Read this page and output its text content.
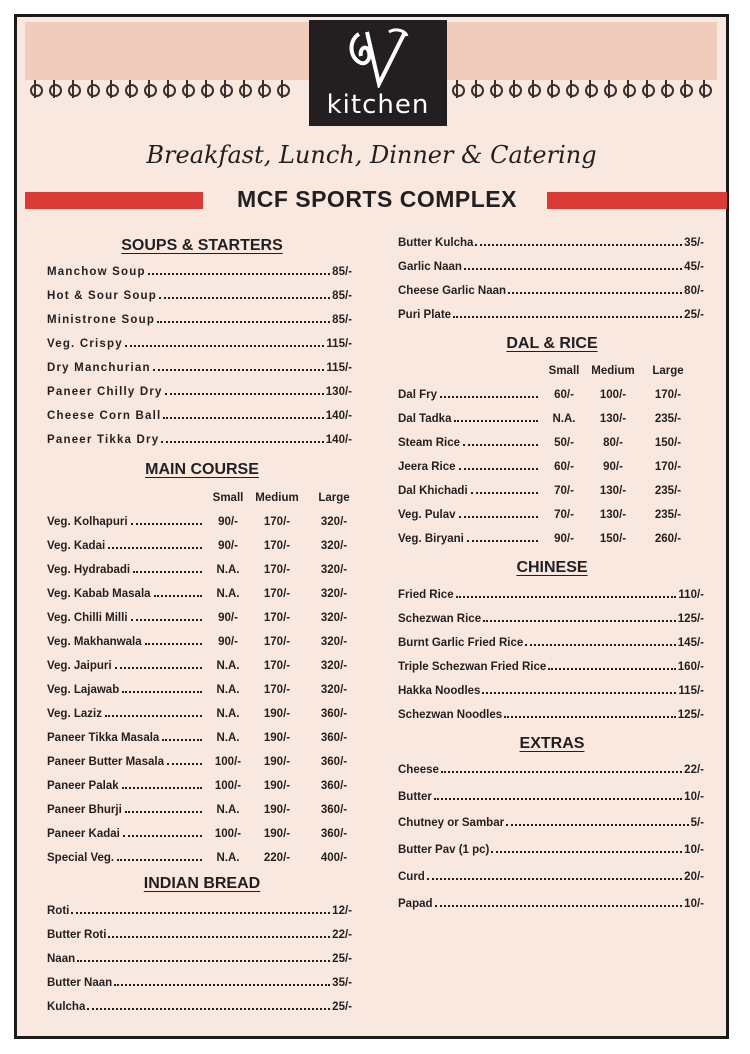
kitchen
Breakfast, Lunch, Dinner & Catering
MCF SPORTS COMPLEX
SOUPS & STARTERS
Manchow Soup	85/-
Hot & Sour Soup	85/-
Ministrone Soup	85/-
Veg. Crispy	115/-
Dry Manchurian	115/-
Paneer Chilly Dry	130/-
Cheese Corn Ball	140/-
Paneer Tikka Dry	140/-
MAIN COURSE
Small	Medium	Large
Veg. Kolhapuri	90/-	170/-	320/-
Veg. Kadai	90/-	170/-	320/-
Veg. Hydrabadi	N.A.	170/-	320/-
Veg. Kabab Masala	N.A.	170/-	320/-
Veg. Chilli Milli	90/-	170/-	320/-
Veg. Makhanwala	90/-	170/-	320/-
Veg. Jaipuri	N.A.	170/-	320/-
Veg. Lajawab	N.A.	170/-	320/-
Veg. Laziz	N.A.	190/-	360/-
Paneer Tikka Masala	N.A.	190/-	360/-
Paneer Butter Masala	100/-	190/-	360/-
Paneer Palak	100/-	190/-	360/-
Paneer Bhurji	N.A.	190/-	360/-
Paneer Kadai	100/-	190/-	360/-
Special Veg.	N.A.	220/-	400/-
INDIAN BREAD
Roti	12/-
Butter Roti	22/-
Naan	25/-
Butter Naan	35/-
Kulcha	25/-
Butter Kulcha	35/-
Garlic Naan	45/-
Cheese Garlic Naan	80/-
Puri Plate	25/-
DAL & RICE
Small	Medium	Large
Dal Fry	60/-	100/-	170/-
Dal Tadka	N.A.	130/-	235/-
Steam Rice	50/-	80/-	150/-
Jeera Rice	60/-	90/-	170/-
Dal Khichadi	70/-	130/-	235/-
Veg. Pulav	70/-	130/-	235/-
Veg. Biryani	90/-	150/-	260/-
CHINESE
Fried Rice	110/-
Schezwan Rice	125/-
Burnt Garlic Fried Rice	145/-
Triple Schezwan Fried Rice	160/-
Hakka Noodles	115/-
Schezwan Noodles	125/-
EXTRAS
Cheese	22/-
Butter	10/-
Chutney or Sambar	5/-
Butter Pav (1 pc)	10/-
Curd	20/-
Papad	10/-
